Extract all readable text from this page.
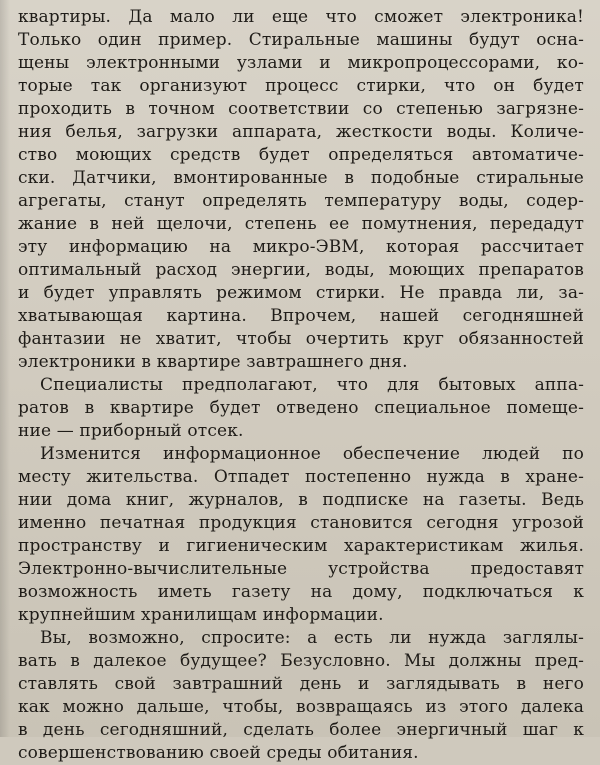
квартиры. Да мало ли еще что сможет электроника!
Только один пример. Стиральные машины будут осна-
щены электронными узлами и микропроцессорами, ко-
торые так организуют процесс стирки, что он будет
проходить в точном соответствии со степенью загрязне-
ния белья, загрузки аппарата, жесткости воды. Количе-
ство моющих средств будет определяться автоматиче-
ски. Датчики, вмонтированные в подобные стиральные
агрегаты, станут определять температуру воды, содер-
жание в ней щелочи, степень ее помутнения, передадут
эту информацию на микро-ЭВМ, которая рассчитает
оптимальный расход энергии, воды, моющих препаратов
и будет управлять режимом стирки. Не правда ли, за-
хватывающая картина. Впрочем, нашей сегодняшней
фантазии не хватит, чтобы очертить круг обязанностей
электроники в квартире завтрашнего дня.
Специалисты предполагают, что для бытовых аппа-
ратов в квартире будет отведено специальное помеще-
ние — приборный отсек.
Изменится информационное обеспечение людей по
месту жительства. Отпадет постепенно нужда в хране-
нии дома книг, журналов, в подписке на газеты. Ведь
именно печатная продукция становится сегодня угрозой
пространству и гигиеническим характеристикам жилья.
Электронно-вычислительные устройства предоставят
возможность иметь газету на дому, подключаться к
крупнейшим хранилищам информации.
Вы, возможно, спросите: а есть ли нужда заглялы-
вать в далекое будущее? Безусловно. Мы должны пред-
ставлять свой завтрашний день и заглядывать в него
как можно дальше, чтобы, возвращаясь из этого далека
в день сегодняшний, сделать более энергичный шаг к
совершенствованию своей среды обитания.
